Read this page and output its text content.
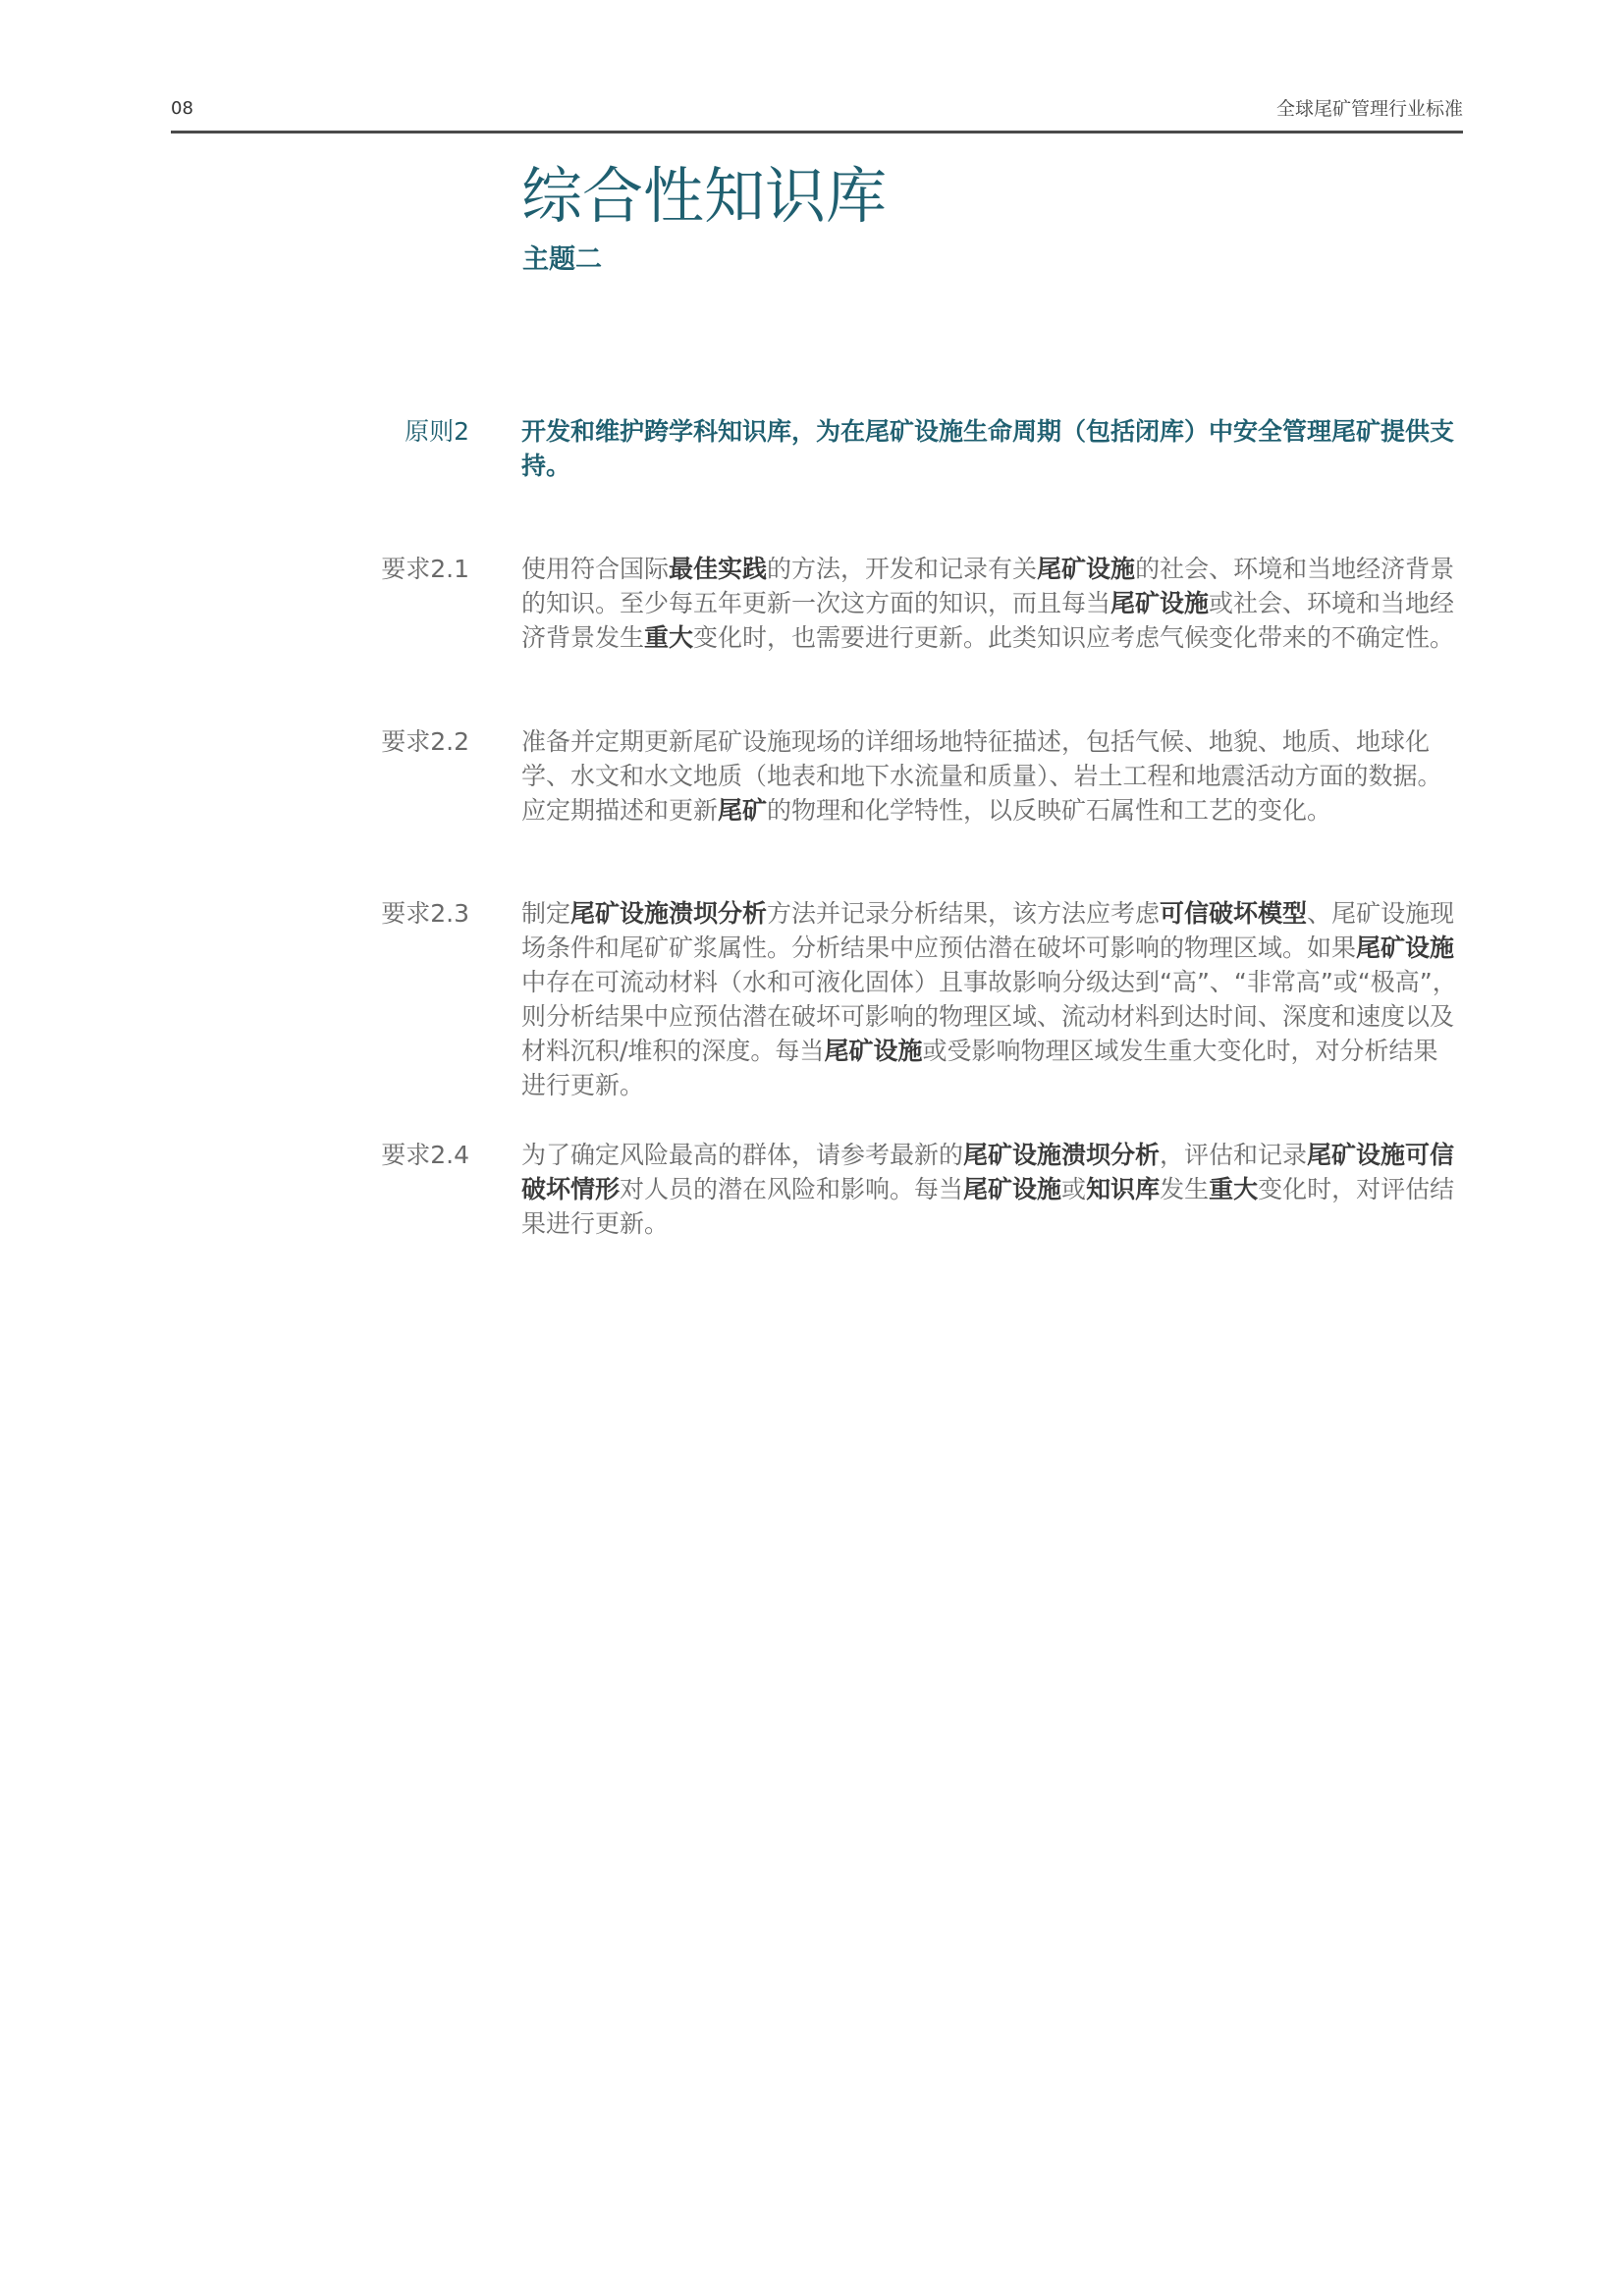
08	全球尾矿管理行业标准
综合性知识库
主题二
原则2 开发和维护跨学科知识库，为在尾矿设施生命周期（包括闭库）中安全管理尾矿提供支持。
要求2.1 使用符合国际最佳实践的方法，开发和记录有关尾矿设施的社会、环境和当地经济背景的知识。至少每五年更新一次这方面的知识，而且每当尾矿设施或社会、环境和当地经济背景发生重大变化时，也需要进行更新。此类知识应考虑气候变化带来的不确定性。
要求2.2 准备并定期更新尾矿设施现场的详细场地特征描述，包括气候、地貌、地质、地球化学、水文和水文地质（地表和地下水流量和质量）、岩土工程和地震活动方面的数据。应定期描述和更新尾矿的物理和化学特性，以反映矿石属性和工艺的变化。
要求2.3 制定尾矿设施溃坝分析方法并记录分析结果，该方法应考虑可信破坏模型、尾矿设施现场条件和尾矿矿浆属性。分析结果中应预估潜在破坏可影响的物理区域。如果尾矿设施中存在可流动材料（水和可液化固体）且事故影响分级达到“高”、“非常高”或“极高”，则分析结果中应预估潜在破坏可影响的物理区域、流动材料到达时间、深度和速度以及材料沉积/堆积的深度。每当尾矿设施或受影响物理区域发生重大变化时，对分析结果进行更新。
要求2.4 为了确定风险最高的群体，请参考最新的尾矿设施溃坝分析，评估和记录尾矿设施可信破坏情形对人员的潜在风险和影响。每当尾矿设施或知识库发生重大变化时，对评估结果进行更新。
